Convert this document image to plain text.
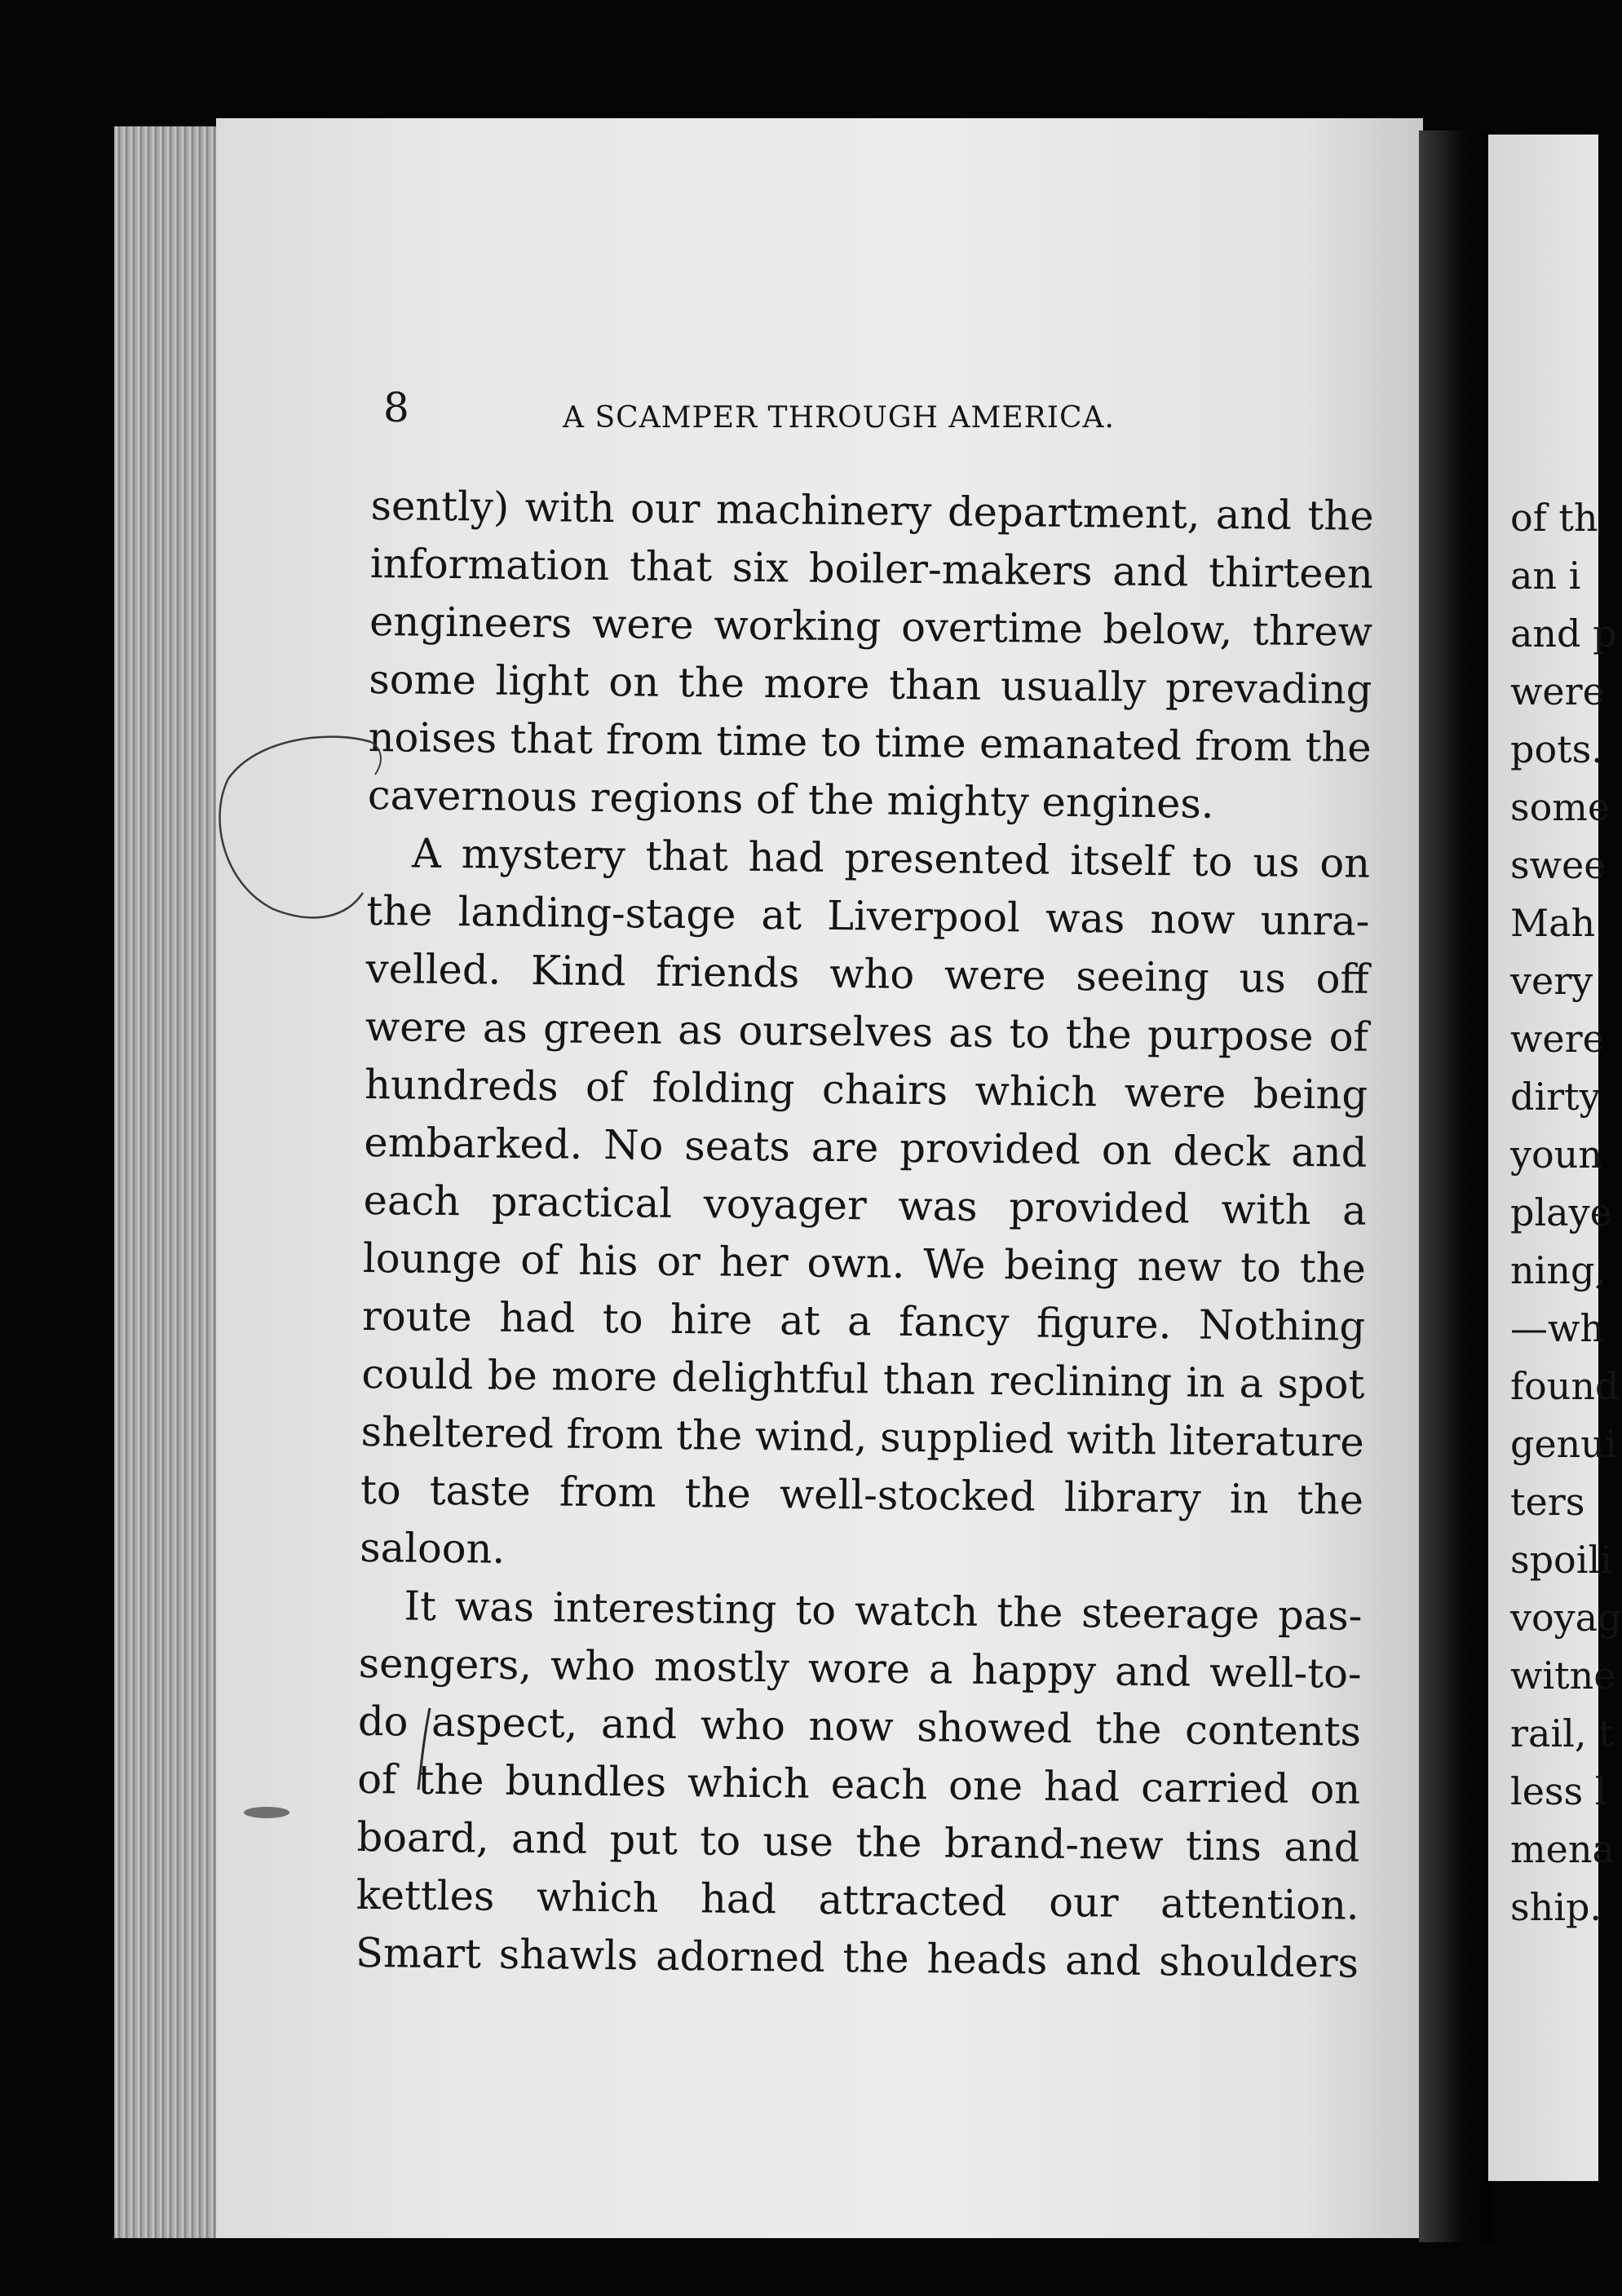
8	A SCAMPER THROUGH AMERICA.
sently) with our machinery department, and the
information that six boiler-makers and thirteen
engineers were working overtime below, threw
some light on the more than usually prevading
noises that from time to time emanated from the
cavernous regions of the mighty engines.
A mystery that had presented itself to us on
the landing-stage at Liverpool was now unra-
velled. Kind friends who were seeing us off
were as green as ourselves as to the purpose of
hundreds of folding chairs which were being
embarked. No seats are provided on deck and
each practical voyager was provided with a
lounge of his or her own. We being new to the
route had to hire at a fancy figure. Nothing
could be more delightful than reclining in a spot
sheltered from the wind, supplied with literature
to taste from the well-stocked library in the
saloon.
It was interesting to watch the steerage pas-
sengers, who mostly wore a happy and well-to-
do aspect, and who now showed the contents
of the bundles which each one had carried on
board, and put to use the brand-new tins and
kettles which had attracted our attention.
Smart shawls adorned the heads and shoulders
of th
an i
and p
were
pots.
some
swee
Mah
very
were
dirty
youn
playe
ning,
—wh
found
genui
ters
spoili
voyag
witne
rail, t
less l
mena
ship.
